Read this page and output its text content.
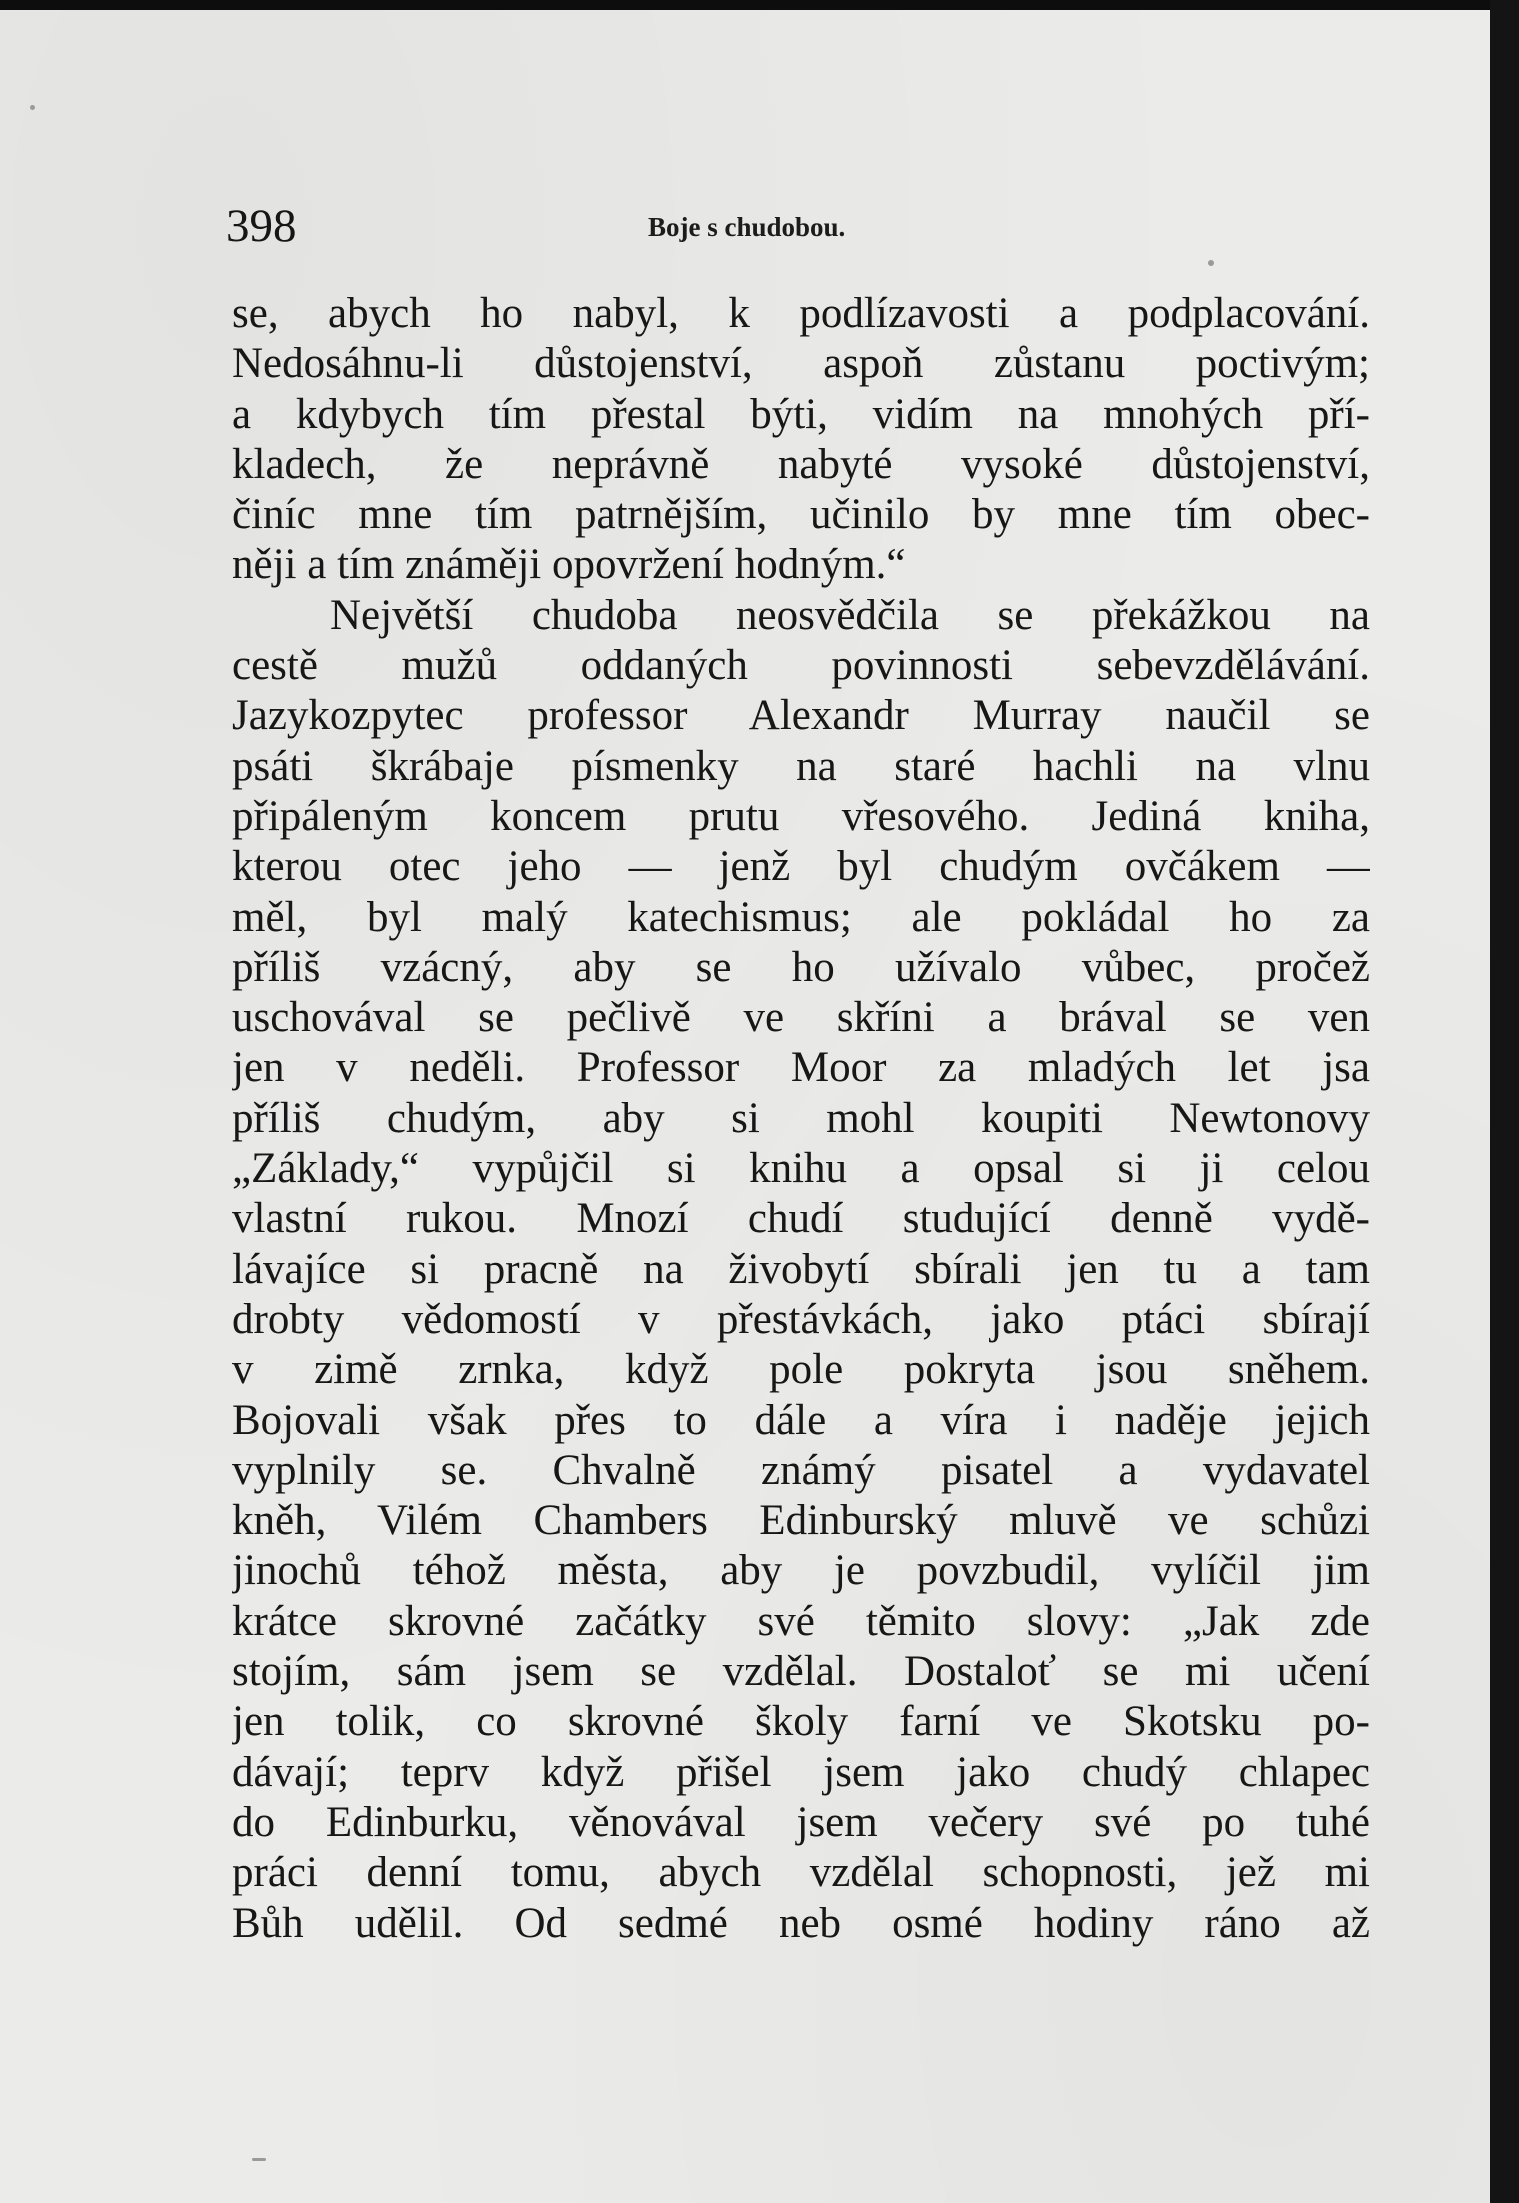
398	Boje s chudobou.
se, abych ho nabyl, k podlízavosti a podplacování.
Nedosáhnu-li důstojenství, aspoň zůstanu poctivým;
a kdybych tím přestal býti, vidím na mnohých pří-
kladech, že neprávně nabyté vysoké důstojenství,
činíc mne tím patrnějším, učinilo by mne tím obec-
něji a tím známěji opovržení hodným.“
Největší chudoba neosvědčila se překážkou na
cestě mužů oddaných povinnosti sebevzdělávání.
Jazykozpytec professor Alexandr Murray naučil se
psáti škrábaje písmenky na staré hachli na vlnu
připáleným koncem prutu vřesového. Jediná kniha,
kterou otec jeho — jenž byl chudým ovčákem —
měl, byl malý katechismus; ale pokládal ho za
příliš vzácný, aby se ho užívalo vůbec, pročež
uschovával se pečlivě ve skříni a brával se ven
jen v neděli. Professor Moor za mladých let jsa
příliš chudým, aby si mohl koupiti Newtonovy
„Základy,“ vypůjčil si knihu a opsal si ji celou
vlastní rukou. Mnozí chudí studující denně vydě-
lávajíce si pracně na živobytí sbírali jen tu a tam
drobty vědomostí v přestávkách, jako ptáci sbírají
v zimě zrnka, když pole pokryta jsou sněhem.
Bojovali však přes to dále a víra i naděje jejich
vyplnily se. Chvalně známý pisatel a vydavatel
kněh, Vilém Chambers Edinburský mluvě ve schůzi
jinochů téhož města, aby je povzbudil, vylíčil jim
krátce skrovné začátky své těmito slovy: „Jak zde
stojím, sám jsem se vzdělal. Dostalоť se mi učení
jen tolik, co skrovné školy farní ve Skotsku po-
dávají; teprv když přišel jsem jako chudý chlapec
do Edinburku, věnovával jsem večery své po tuhé
práci denní tomu, abych vzdělal schopnosti, jež mi
Bůh udělil. Od sedmé neb osmé hodiny ráno až
